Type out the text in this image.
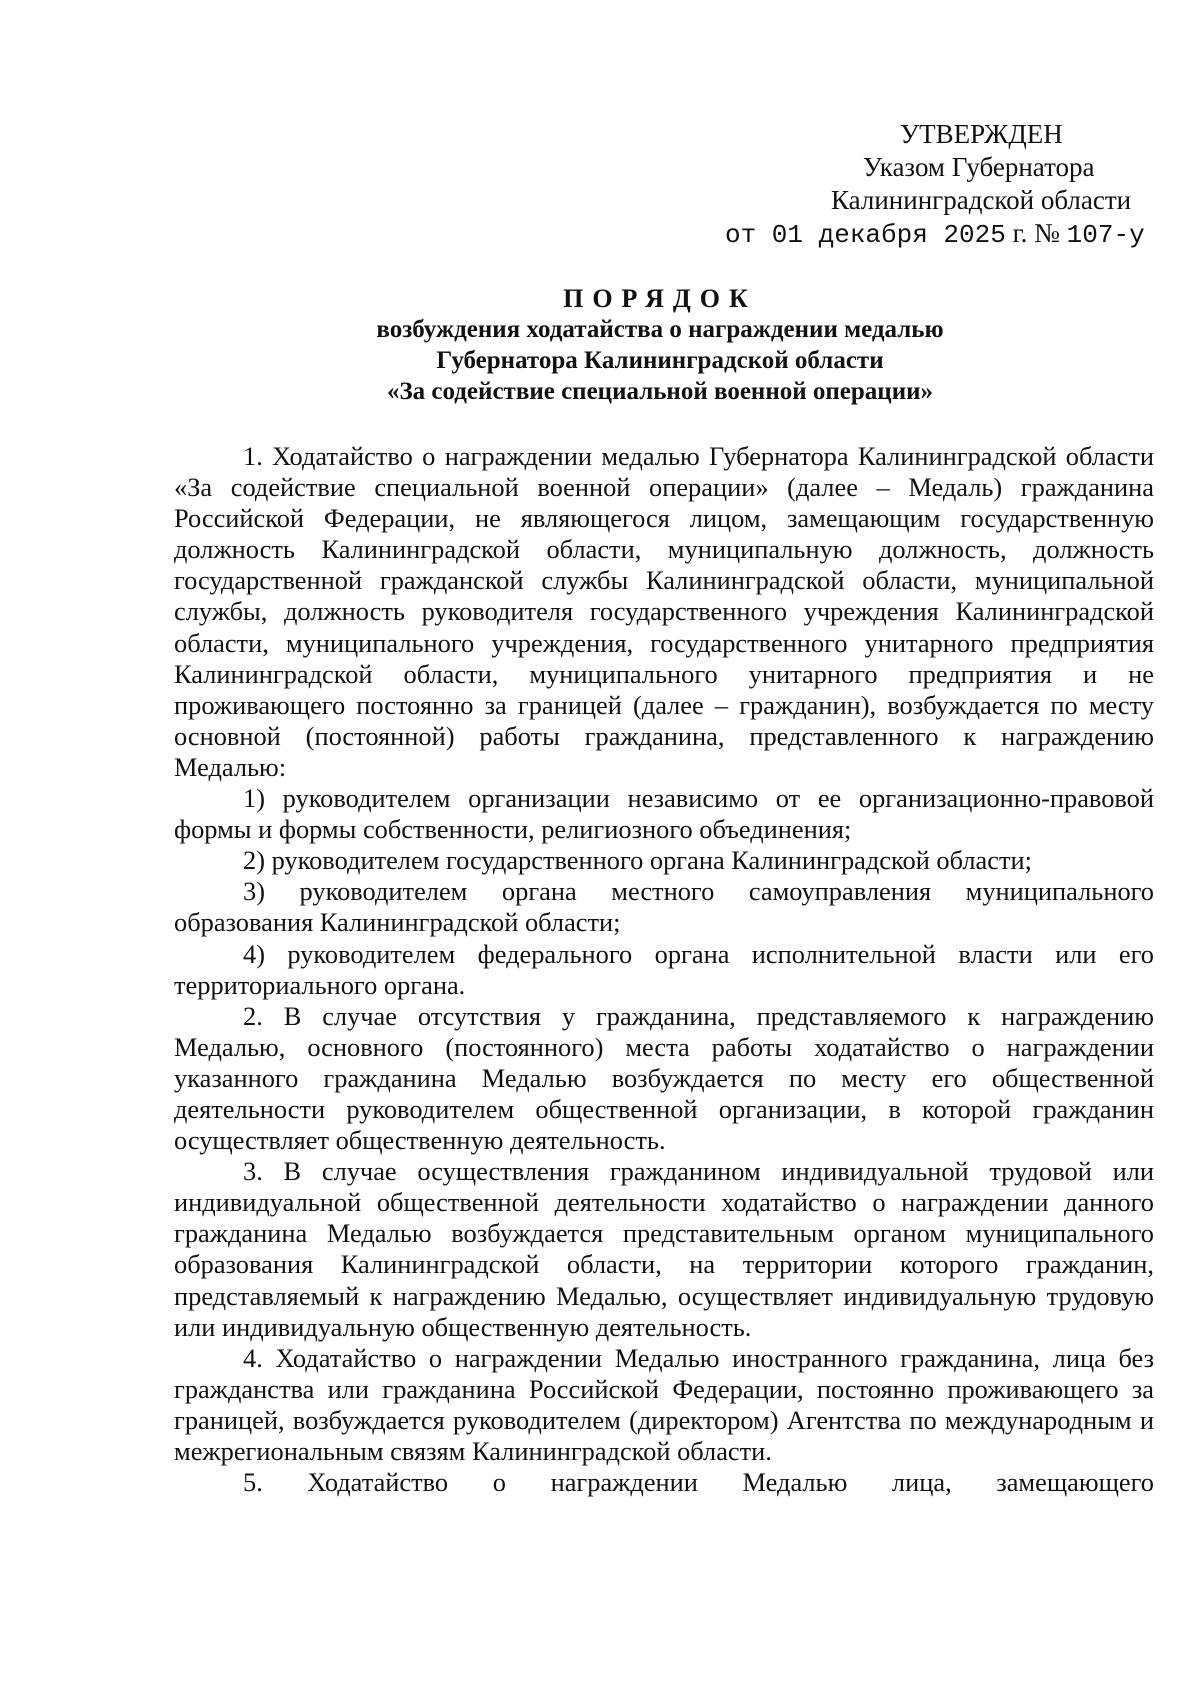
УТВЕРЖДЕН
Указом Губернатора
Калининградской области
от 01 декабря 2025 г. № 107-у
ПОРЯДОК
возбуждения ходатайства о награждении медалью
Губернатора Калининградской области
«За содействие специальной военной операции»

1. Ходатайство о награждении медалью Губернатора Калининградской области «За содействие специальной военной операции» (далее – Медаль) гражданина Российской Федерации, не являющегося лицом, замещающим государственную должность Калининградской области, муниципальную должность, должность государственной гражданской службы Калининградской области, муниципальной службы, должность руководителя государственного учреждения Калининградской области, муниципального учреждения, государственного унитарного предприятия Калининградской области, муниципального унитарного предприятия и не проживающего постоянно за границей (далее – гражданин), возбуждается по месту основной (постоянной) работы гражданина, представленного к награждению Медалью:

1) руководителем организации независимо от ее организационно-правовой формы и формы собственности, религиозного объединения;

2) руководителем государственного органа Калининградской области;

3) руководителем органа местного самоуправления муниципального образования Калининградской области;

4) руководителем федерального органа исполнительной власти или его территориального органа.

2. В случае отсутствия у гражданина, представляемого к награждению Медалью, основного (постоянного) места работы ходатайство о награждении указанного гражданина Медалью возбуждается по месту его общественной деятельности руководителем общественной организации, в которой гражданин осуществляет общественную деятельность.

3. В случае осуществления гражданином индивидуальной трудовой или индивидуальной общественной деятельности ходатайство о награждении данного гражданина Медалью возбуждается представительным органом муниципального образования Калининградской области, на территории которого гражданин, представляемый к награждению Медалью, осуществляет индивидуальную трудовую или индивидуальную общественную деятельность.

4. Ходатайство о награждении Медалью иностранного гражданина, лица без гражданства или гражданина Российской Федерации, постоянно проживающего за границей, возбуждается руководителем (директором) Агентства по международным и межрегиональным связям Калининградской области.

5. Ходатайство о награждении Медалью лица, замещающего
